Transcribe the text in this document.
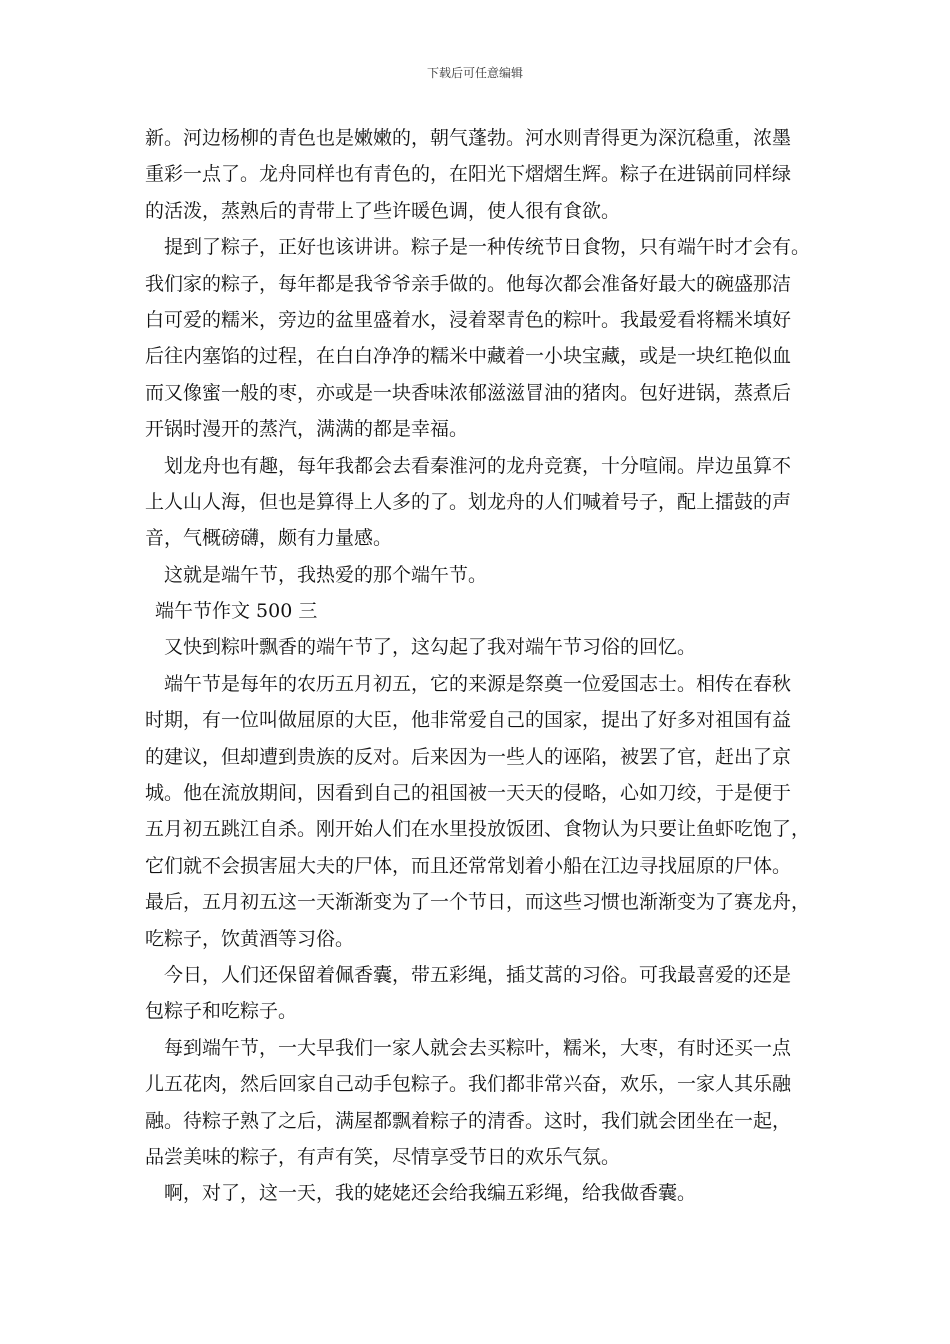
下载后可任意编辑
新。河边杨柳的青色也是嫩嫩的，朝气蓬勃。河水则青得更为深沉稳重，浓墨
重彩一点了。龙舟同样也有青色的，在阳光下熠熠生辉。粽子在进锅前同样绿
的活泼，蒸熟后的青带上了些许暖色调，使人很有食欲。
提到了粽子，正好也该讲讲。粽子是一种传统节日食物，只有端午时才会有。
我们家的粽子，每年都是我爷爷亲手做的。他每次都会准备好最大的碗盛那洁
白可爱的糯米，旁边的盆里盛着水，浸着翠青色的粽叶。我最爱看将糯米填好
后往内塞馅的过程，在白白净净的糯米中藏着一小块宝藏，或是一块红艳似血
而又像蜜一般的枣，亦或是一块香味浓郁滋滋冒油的猪肉。包好进锅，蒸煮后
开锅时漫开的蒸汽，满满的都是幸福。
划龙舟也有趣，每年我都会去看秦淮河的龙舟竞赛，十分喧闹。岸边虽算不
上人山人海，但也是算得上人多的了。划龙舟的人们喊着号子，配上擂鼓的声
音，气概磅礴，颇有力量感。
这就是端午节，我热爱的那个端午节。
端午节作文 500 三
又快到粽叶飘香的端午节了，这勾起了我对端午节习俗的回忆。
端午节是每年的农历五月初五，它的来源是祭奠一位爱国志士。相传在春秋
时期，有一位叫做屈原的大臣，他非常爱自己的国家，提出了好多对祖国有益
的建议，但却遭到贵族的反对。后来因为一些人的诬陷，被罢了官，赶出了京
城。他在流放期间，因看到自己的祖国被一天天的侵略，心如刀绞，于是便于
五月初五跳江自杀。刚开始人们在水里投放饭团、食物认为只要让鱼虾吃饱了，
它们就不会损害屈大夫的尸体，而且还常常划着小船在江边寻找屈原的尸体。
最后，五月初五这一天渐渐变为了一个节日，而这些习惯也渐渐变为了赛龙舟，
吃粽子，饮黄酒等习俗。
今日，人们还保留着佩香囊，带五彩绳，插艾蒿的习俗。可我最喜爱的还是
包粽子和吃粽子。
每到端午节，一大早我们一家人就会去买粽叶，糯米，大枣，有时还买一点
儿五花肉，然后回家自己动手包粽子。我们都非常兴奋，欢乐，一家人其乐融
融。待粽子熟了之后，满屋都飘着粽子的清香。这时，我们就会团坐在一起，
品尝美味的粽子，有声有笑，尽情享受节日的欢乐气氛。
啊，对了，这一天，我的姥姥还会给我编五彩绳，给我做香囊。
